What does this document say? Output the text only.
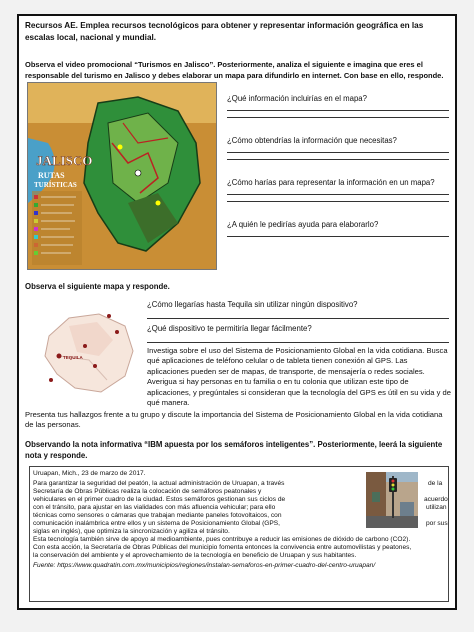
Recursos AE. Emplea recursos tecnológicos para obtener y representar información geográfica en las escalas local, nacional y mundial.
Observa el video promocional “Turismos en Jalisco”. Posteriormente, analiza el siguiente e imagina que eres el responsable del turismo en Jalisco y debes elaborar un mapa para difundirlo en internet. Con base en ello, responde.
JALISCO
RUTAS
TURÍSTICAS
¿Qué información incluirías en el mapa?
¿Cómo obtendrías la información que necesitas?
¿Cómo harías para representar la información en un mapa?
¿A quién le pedirías ayuda para elaborarlo?
Observa el siguiente mapa y responde.
TEQUILA
¿Cómo llegarías hasta Tequila sin utilizar ningún dispositivo?
¿Qué dispositivo te permitiría llegar fácilmente?
Investiga sobre el uso del Sistema de Posicionamiento Global en la vida cotidiana. Busca qué aplicaciones de teléfono celular o de tableta tienen conexión al GPS. Las aplicaciones pueden ser de mapas, de transporte, de mensajería o redes sociales. Averigua si hay personas en tu familia o en tu colonia que utilizan este tipo de aplicaciones, y pregúntales si consideran que la tecnología del GPS es útil en su vida y de qué manera.
Presenta tus hallazgos frente a tu grupo y discute la importancia del Sistema de Posicionamiento Global en la vida cotidiana de las personas.
Observando la nota informativa “IBM apuesta por los semáforos inteligentes”. Posteriormente, leerá la siguiente nota y responde.

Uruapan, Mich., 23 de marzo de 2017.

Para garantizar la seguridad del peatón, la actual administración de Uruapan, a través

Secretaría de Obras Públicas realiza la colocación de semáforos peatonales y

vehiculares en el primer cuadro de la ciudad. Estos semáforos gestionan sus ciclos de

con el tránsito, para ajustar en las vialidades con más afluencia vehicular; para ello

técnicas como sensores o cámaras que trabajan mediante paneles fotovoltaicos, con

comunicación inalámbrica entre ellos y un sistema de Posicionamiento Global (GPS,

siglas en inglés), que optimiza la sincronización y agiliza el tránsito.

Esta tecnología también sirve de apoyo al medioambiente, pues contribuye a reducir las emisiones de dióxido de carbono (CO2).

Con esta acción, la Secretaría de Obras Públicas del municipio fomenta entonces la convivencia entre automovilistas y peatones,

la conservación del ambiente y el aprovechamiento de la tecnología en beneficio de Uruapan y sus habitantes.

Fuente: https://www.quadratin.com.mx/municipios/regiones/instalan-semaforos-en-primer-cuadro-del-centro-uruapan/

de la

acuerdo

utilizan

por sus
